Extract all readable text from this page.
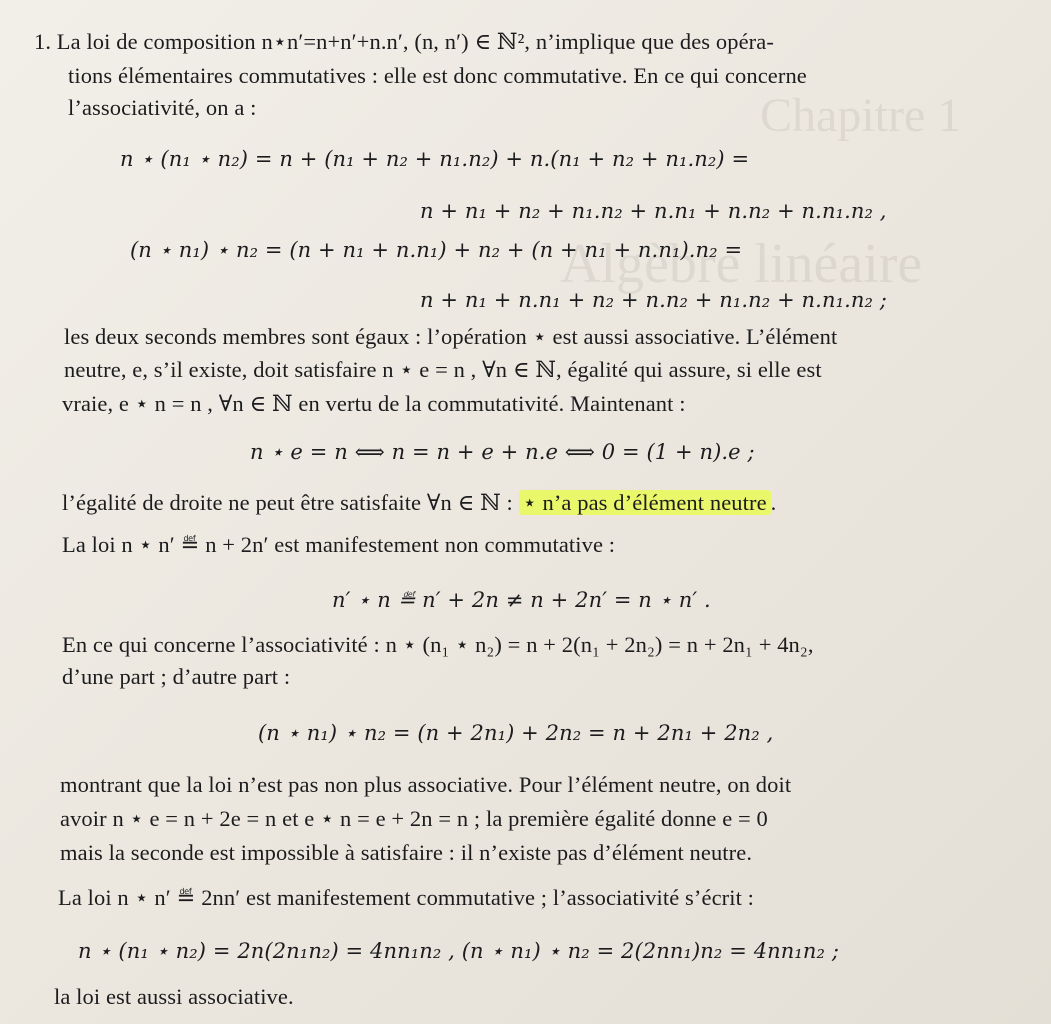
Chapitre 1
Algèbre linéaire
1. La loi de composition n⋆n′=n+n′+n.n′, (n, n′) ∈ ℕ², n’implique que des opéra-
tions élémentaires commutatives : elle est donc commutative. En ce qui concerne
l’associativité, on a :
n ⋆ (n₁ ⋆ n₂) = n + (n₁ + n₂ + n₁.n₂) + n.(n₁ + n₂ + n₁.n₂) =
n + n₁ + n₂ + n₁.n₂ + n.n₁ + n.n₂ + n.n₁.n₂ ,
(n ⋆ n₁) ⋆ n₂ = (n + n₁ + n.n₁) + n₂ + (n + n₁ + n.n₁).n₂ =
n + n₁ + n.n₁ + n₂ + n.n₂ + n₁.n₂ + n.n₁.n₂ ;
les deux seconds membres sont égaux : l’opération ⋆ est aussi associative. L’élément
neutre, e, s’il existe, doit satisfaire n ⋆ e = n , ∀n ∈ ℕ, égalité qui assure, si elle est
vraie, e ⋆ n = n , ∀n ∈ ℕ en vertu de la commutativité. Maintenant :
n ⋆ e = n ⟺ n = n + e + n.e ⟺ 0 = (1 + n).e ;
l’égalité de droite ne peut être satisfaite ∀n ∈ ℕ : ⋆ n’a pas d’élément neutre .
La loi n ⋆ n′ ≝ n + 2n′ est manifestement non commutative :
n′ ⋆ n ≝ n′ + 2n ≠ n + 2n′ = n ⋆ n′ .
En ce qui concerne l’associativité : n ⋆ (n₁ ⋆ n₂) = n + 2(n₁ + 2n₂) = n + 2n₁ + 4n₂,
d’une part ; d’autre part :
(n ⋆ n₁) ⋆ n₂ = (n + 2n₁) + 2n₂ = n + 2n₁ + 2n₂ ,
montrant que la loi n’est pas non plus associative. Pour l’élément neutre, on doit
avoir n ⋆ e = n + 2e = n et e ⋆ n = e + 2n = n ; la première égalité donne e = 0
mais la seconde est impossible à satisfaire : il n’existe pas d’élément neutre.
La loi n ⋆ n′ ≝ 2nn′ est manifestement commutative ; l’associativité s’écrit :
n ⋆ (n₁ ⋆ n₂) = 2n(2n₁n₂) = 4nn₁n₂ , (n ⋆ n₁) ⋆ n₂ = 2(2nn₁)n₂ = 4nn₁n₂ ;
la loi est aussi associative.
